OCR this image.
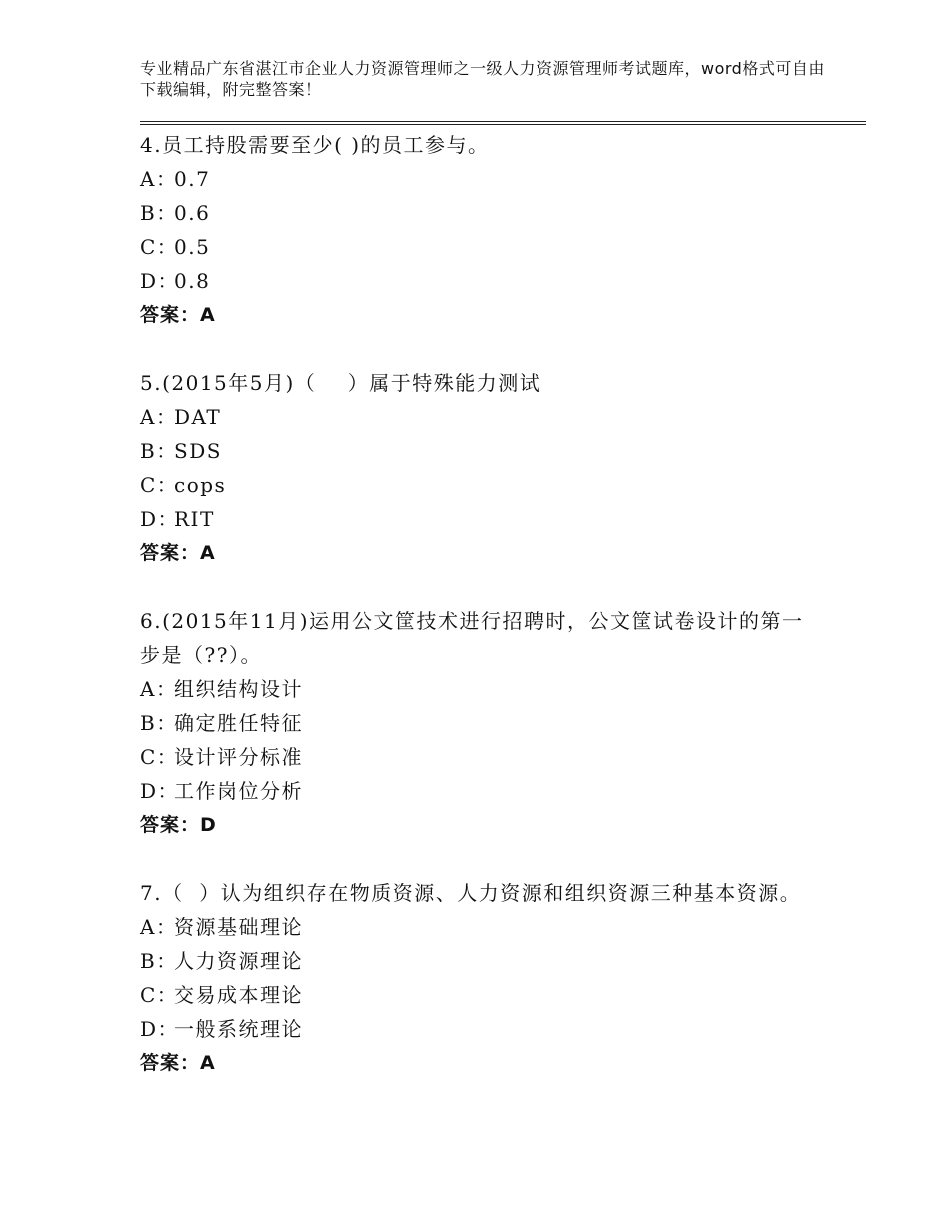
专业精品广东省湛江市企业人力资源管理师之一级人力资源管理师考试题库，word格式可自由下载编辑，附完整答案！
4.员工持股需要至少( )的员工参与。
A：
0.7
B：
0.6
C：
0.5
D：
0.8
答案：A
5.(2015年5月)（    ）属于特殊能力测试
A：
DAT
B：
SDS
C：
cops
D：
RIT
答案：A
6.(2015年11月)运用公文筐技术进行招聘时，公文筐试卷设计的第一步是（??）。
A：
组织结构设计
B：
确定胜任特征
C：
设计评分标准
D：
工作岗位分析
答案：D
7.（  ）认为组织存在物质资源、人力资源和组织资源三种基本资源。
A：
资源基础理论
B：
人力资源理论
C：
交易成本理论
D：
一般系统理论
答案：A
